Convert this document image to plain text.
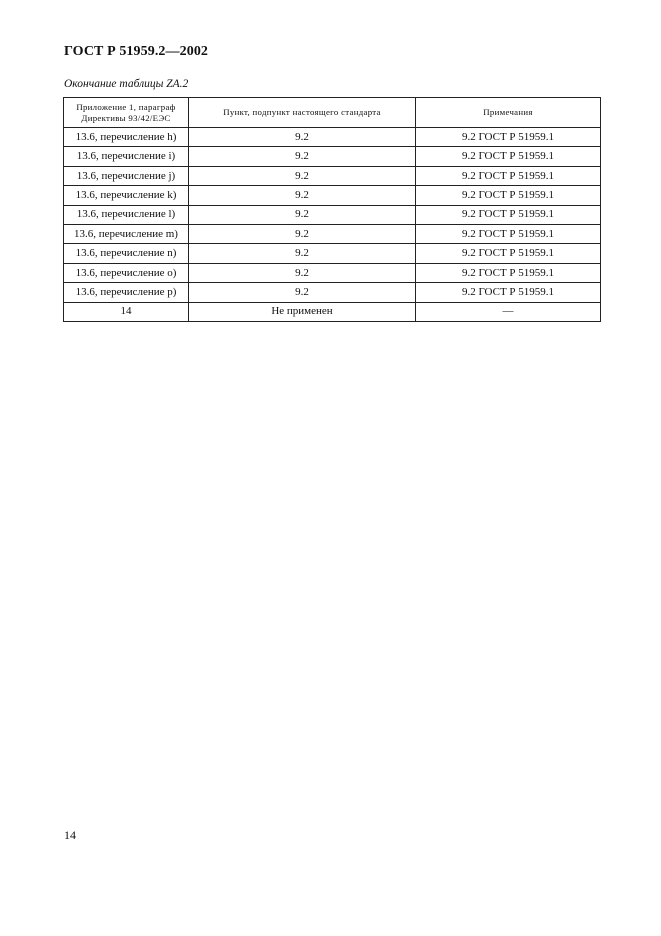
ГОСТ Р 51959.2—2002
Окончание таблицы ZA.2
Приложение 1, параграф Директивы 93/42/ЕЭС	Пункт, подпункт настоящего стандарта	Примечания
13.6, перечисление h)	9.2	9.2 ГОСТ Р 51959.1
13.6, перечисление i)	9.2	9.2 ГОСТ Р 51959.1
13.6, перечисление j)	9.2	9.2 ГОСТ Р 51959.1
13.6, перечисление k)	9.2	9.2 ГОСТ Р 51959.1
13.6, перечисление l)	9.2	9.2 ГОСТ Р 51959.1
13.6, перечисление m)	9.2	9.2 ГОСТ Р 51959.1
13.6, перечисление n)	9.2	9.2 ГОСТ Р 51959.1
13.6, перечисление o)	9.2	9.2 ГОСТ Р 51959.1
13.6, перечисление p)	9.2	9.2 ГОСТ Р 51959.1
14	Не применен	—
14
